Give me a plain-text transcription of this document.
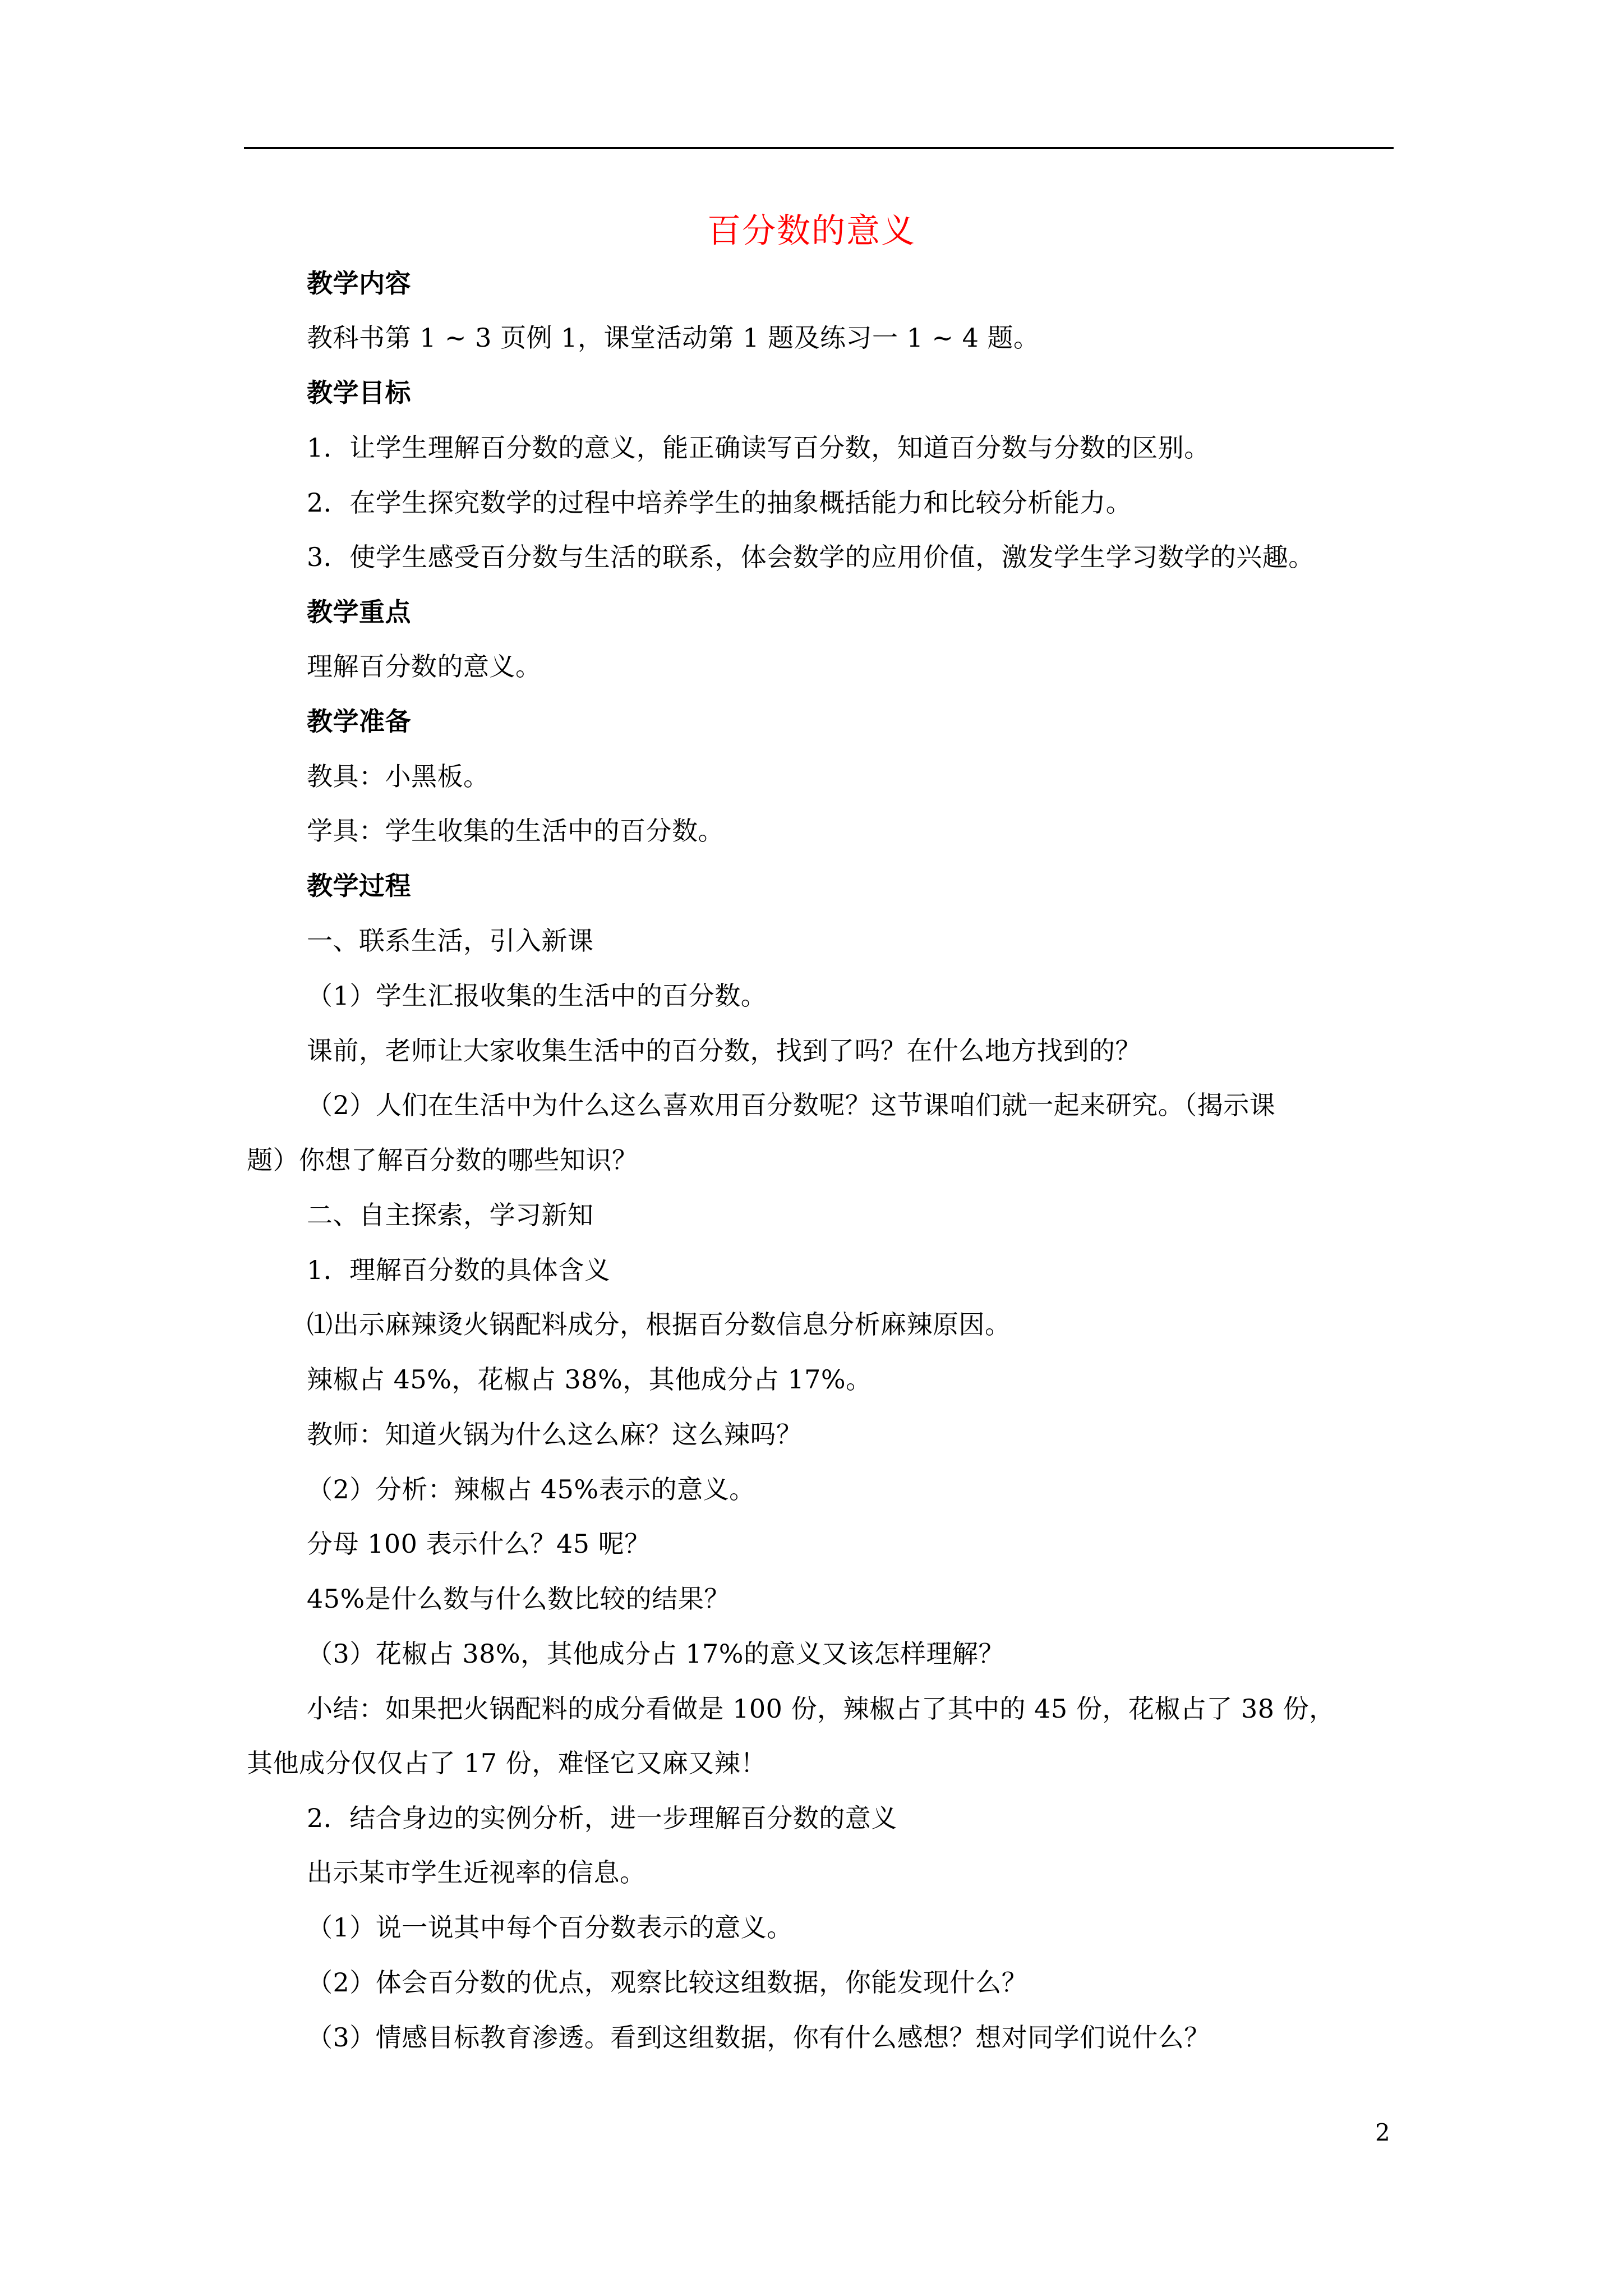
百分数的意义
教学内容
教科书第 1 ~ 3 页例 1，课堂活动第 1 题及练习一 1 ~ 4 题。
教学目标
1．让学生理解百分数的意义，能正确读写百分数，知道百分数与分数的区别。
2．在学生探究数学的过程中培养学生的抽象概括能力和比较分析能力。
3．使学生感受百分数与生活的联系，体会数学的应用价值，激发学生学习数学的兴趣。
教学重点
理解百分数的意义。
教学准备
教具：小黑板。
学具：学生收集的生活中的百分数。
教学过程
一、联系生活，引入新课
（1）学生汇报收集的生活中的百分数。
课前，老师让大家收集生活中的百分数，找到了吗？在什么地方找到的？
（2）人们在生活中为什么这么喜欢用百分数呢？这节课咱们就一起来研究。（揭示课
题）你想了解百分数的哪些知识？
二、自主探索，学习新知
1．理解百分数的具体含义
⑴出示麻辣烫火锅配料成分，根据百分数信息分析麻辣原因。
辣椒占 45%，花椒占 38%，其他成分占 17%。
教师：知道火锅为什么这么麻？这么辣吗？
（2）分析：辣椒占 45%表示的意义。
分母 100 表示什么？45 呢？
45%是什么数与什么数比较的结果？
（3）花椒占 38%，其他成分占 17%的意义又该怎样理解？
小结：如果把火锅配料的成分看做是 100 份，辣椒占了其中的 45 份，花椒占了 38 份，
其他成分仅仅占了 17 份，难怪它又麻又辣！
2．结合身边的实例分析，进一步理解百分数的意义
出示某市学生近视率的信息。
（1）说一说其中每个百分数表示的意义。
（2）体会百分数的优点，观察比较这组数据，你能发现什么？
（3）情感目标教育渗透。看到这组数据，你有什么感想？想对同学们说什么？
2
